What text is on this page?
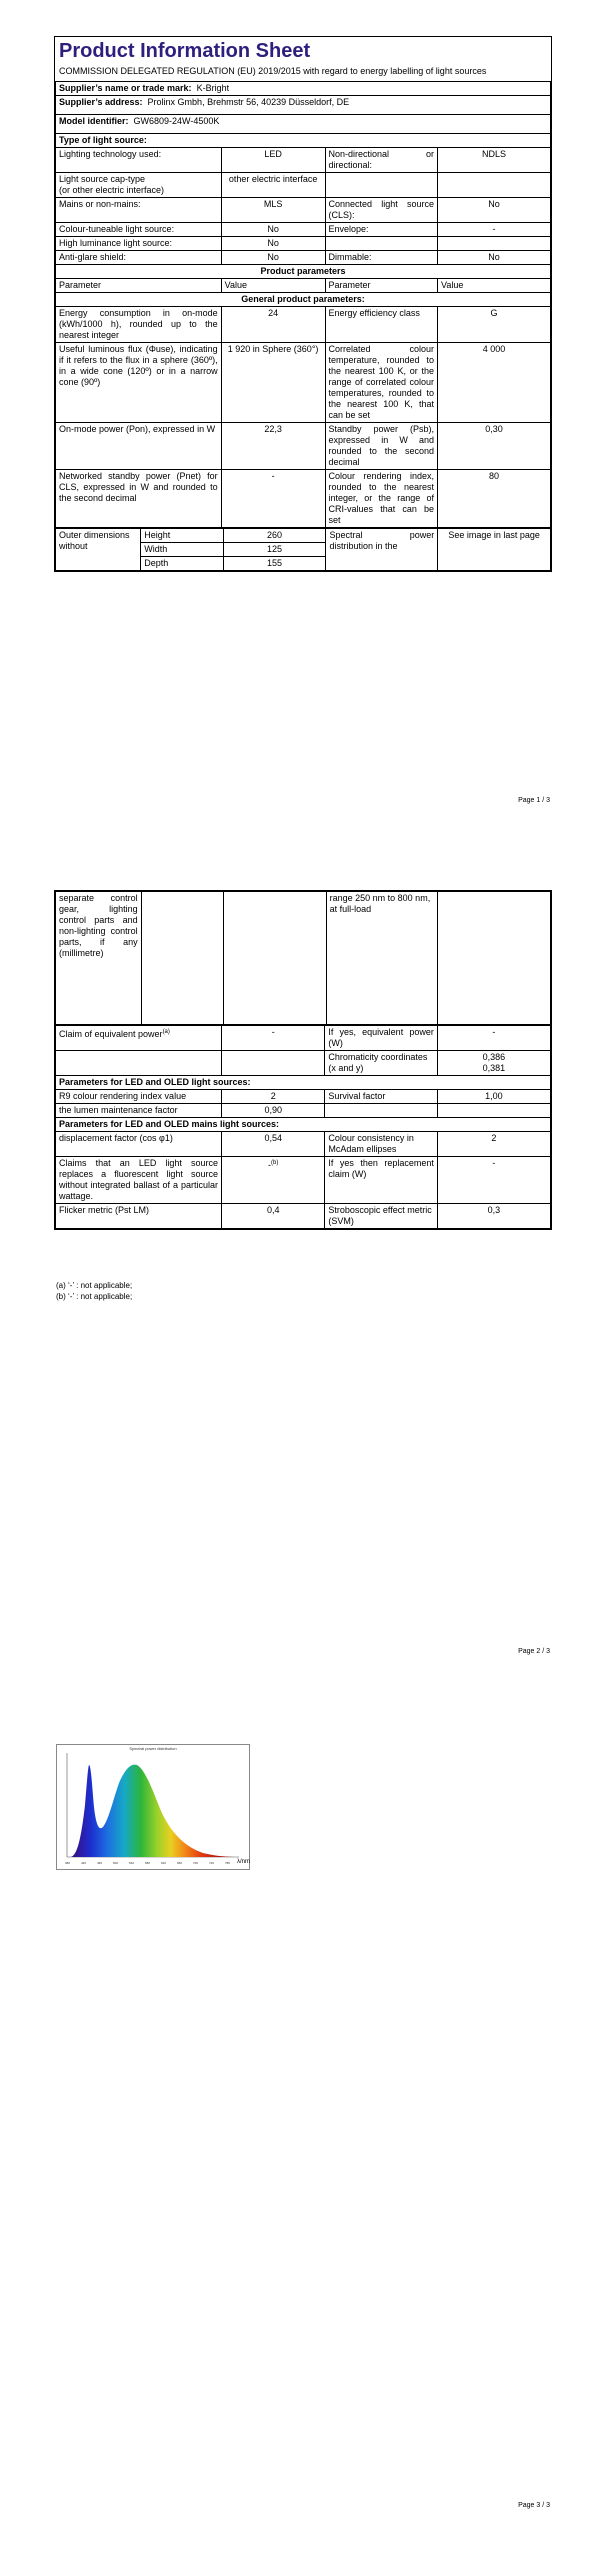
Product Information Sheet
COMMISSION DELEGATED REGULATION (EU) 2019/2015 with regard to energy labelling of light sources
Supplier’s name or trade mark: K-Bright			
Supplier’s address: Prolinx Gmbh, Brehmstr 56, 40239 Düsseldorf, DE			
Model identifier: GW6809-24W-4500K			
Type of light source:			
Lighting technology used:	LED	Non-directional or directional:	NDLS
Light source cap-type
(or other electric interface)	other electric interface		
Mains or non-mains:	MLS	Connected light source (CLS):	No
Colour-tuneable light source:	No	Envelope:	-
High luminance light source:	No		
Anti-glare shield:	No	Dimmable:	No
Product parameters			
Parameter	Value	Parameter	Value
General product parameters:			
Energy consumption in on-mode (kWh/1000 h), rounded up to the nearest integer	24	Energy efficiency class	G
Useful luminous flux (Φuse), indicating if it refers to the flux in a sphere (360º), in a wide cone (120º) or in a narrow cone (90º)	1 920 in Sphere (360°)	Correlated colour temperature, rounded to the nearest 100 K, or the range of correlated colour temperatures, rounded to the nearest 100 K, that can be set	4 000
On-mode power (Pon), expressed in W	22,3	Standby power (Psb), expressed in W and rounded to the second decimal	0,30
Networked standby power (Pnet) for CLS, expressed in W and rounded to the second decimal	-	Colour rendering index, rounded to the nearest integer, or the range of CRI-values that can be set	80
Outer dimensions without	Height	260	Spectral power distribution in the	See image in last page
	Width	125		
	Depth	155		
Page 1 / 3
separate control gear, lighting control parts and non-lighting control parts, if any (millimetre)			range 250 nm to 800 nm, at full-load	
Claim of equivalent power$^{(a)}$	-	If yes, equivalent power (W)	-
		Chromaticity coordinates (x and y)	0,386
0,381

Parameters for LED and OLED light sources:			
R9 colour rendering index value	2	Survival factor	1,00
the lumen maintenance factor	0,90		
Parameters for LED and OLED mains light sources:			
displacement factor (cos φ1)	0,54	Colour consistency in McAdam ellipses	2
Claims that an LED light source replaces a fluorescent light source without integrated ballast of a particular wattage.	-$^{(b)}$	If yes then replacement claim (W)	-
Flicker metric (Pst LM)	0,4	Stroboscopic effect metric (SVM)	0,3
(a) ‘-’ : not applicable;
(b) ‘-’ : not applicable;
Page 2 / 3
Page 3 / 3
Spectral power distribution
380	420	460	500	540	580	620	660	700	740	780 λ/nm
